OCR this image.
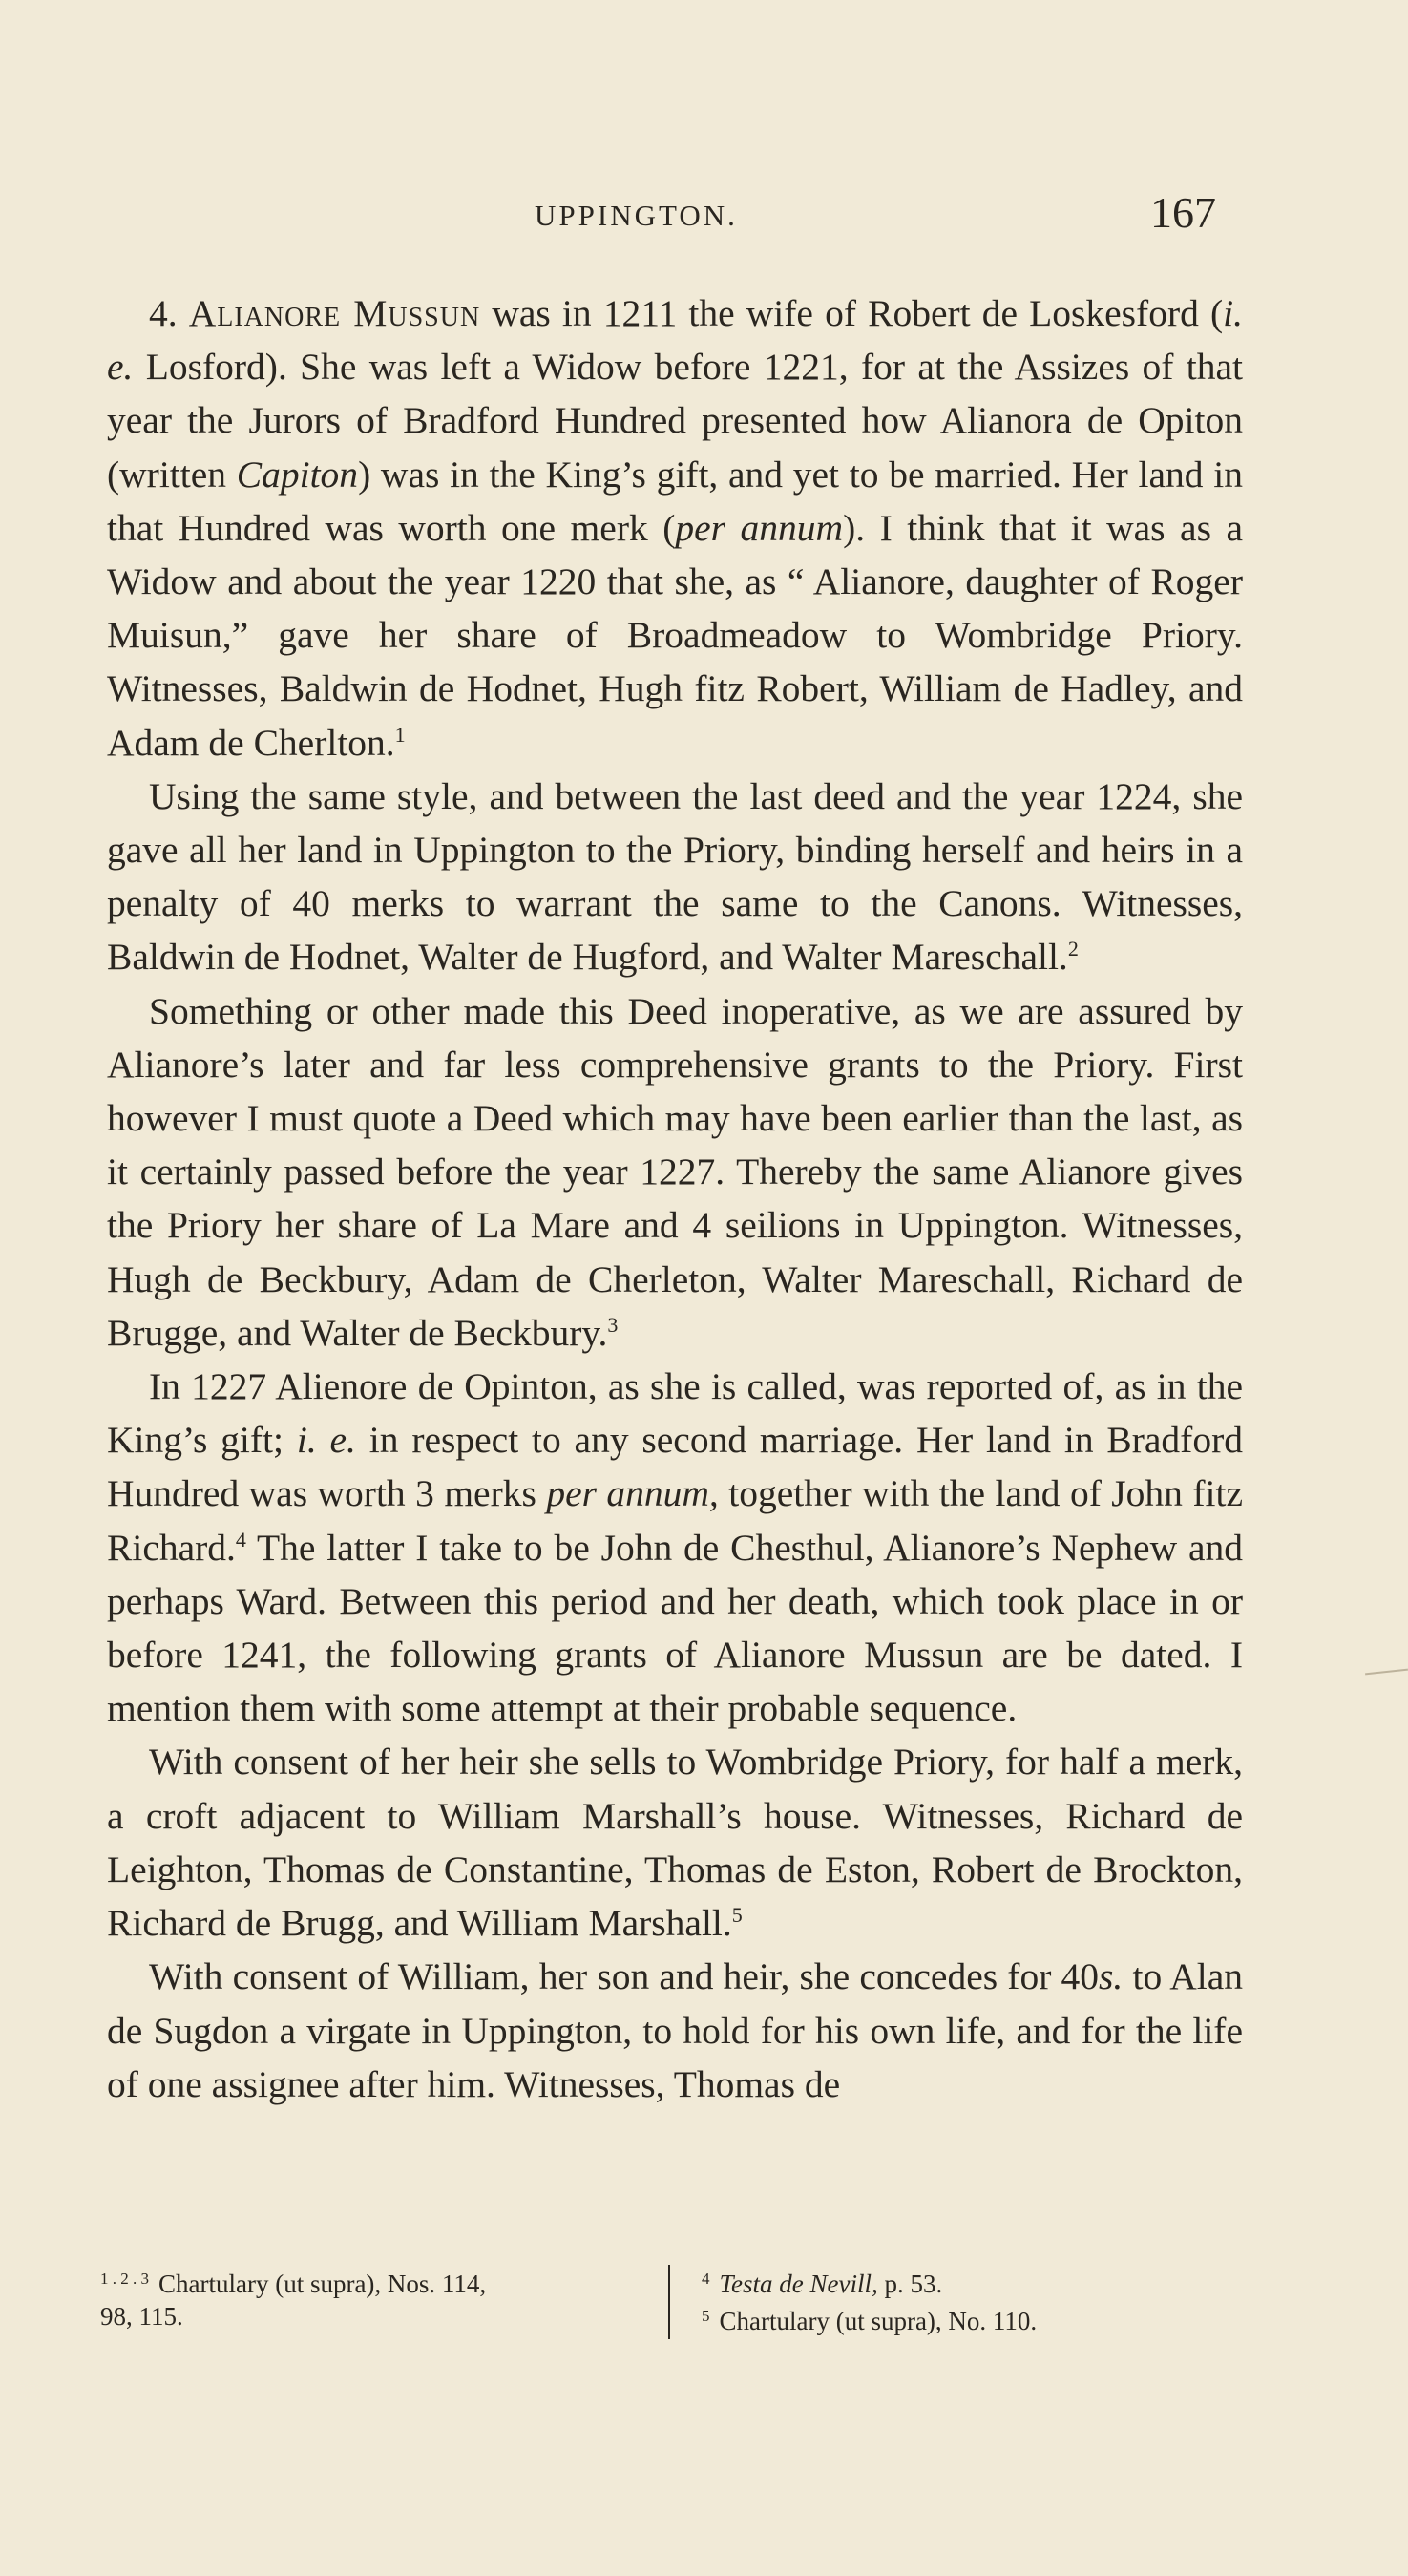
UPPINGTON.	167

4. Alianore Mussun was in 1211 the wife of Robert de Loskesford (i. e. Losford). She was left a Widow before 1221, for at the Assizes of that year the Jurors of Bradford Hundred presented how Alianora de Opiton (written Capiton) was in the King’s gift, and yet to be married. Her land in that Hundred was worth one merk (per annum). I think that it was as a Widow and about the year 1220 that she, as “ Alianore, daughter of Roger Muisun,” gave her share of Broadmeadow to Wombridge Priory. Witnesses, Baldwin de Hodnet, Hugh fitz Robert, William de Hadley, and Adam de Cherlton.$^1$

Using the same style, and between the last deed and the year 1224, she gave all her land in Uppington to the Priory, binding herself and heirs in a penalty of 40 merks to warrant the same to the Canons. Witnesses, Baldwin de Hodnet, Walter de Hugford, and Walter Mareschall.$^2$

Something or other made this Deed inoperative, as we are assured by Alianore’s later and far less comprehensive grants to the Priory. First however I must quote a Deed which may have been earlier than the last, as it certainly passed before the year 1227. Thereby the same Alianore gives the Priory her share of La Mare and 4 seilions in Uppington. Witnesses, Hugh de Beckbury, Adam de Cherleton, Walter Mareschall, Richard de Brugge, and Walter de Beckbury.$^3$

In 1227 Alienore de Opinton, as she is called, was reported of, as in the King’s gift; i. e. in respect to any second marriage. Her land in Bradford Hundred was worth 3 merks per annum, together with the land of John fitz Richard.$^4$ The latter I take to be John de Chesthul, Alianore’s Nephew and perhaps Ward. Between this period and her death, which took place in or before 1241, the following grants of Alianore Mussun are be dated. I mention them with some attempt at their probable sequence.

With consent of her heir she sells to Wombridge Priory, for half a merk, a croft adjacent to William Marshall’s house. Witnesses, Richard de Leighton, Thomas de Constantine, Thomas de Eston, Robert de Brockton, Richard de Brugg, and William Marshall.$^5$

With consent of William, her son and heir, she concedes for 40s. to Alan de Sugdon a virgate in Uppington, to hold for his own life, and for the life of one assignee after him. Witnesses, Thomas de

$^{1 . 2 . 3}$ Chartulary (ut supra), Nos. 114,
98, 115.
$^4$ Testa de Nevill, p. 53.
$^5$ Chartulary (ut supra), No. 110.
